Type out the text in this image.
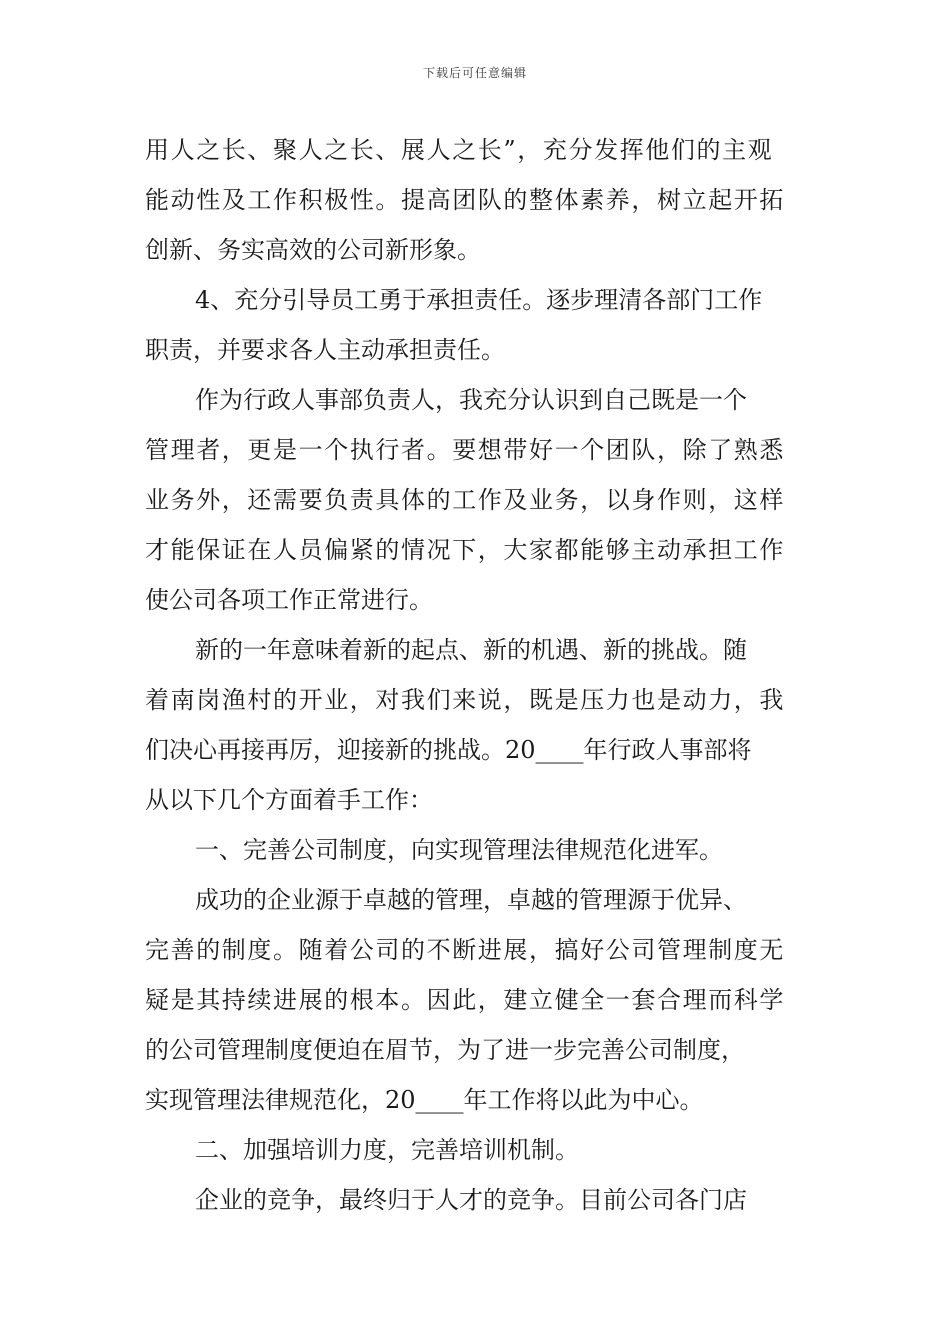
下载后可任意编辑
用人之长、聚人之长、展人之长”，充分发挥他们的主观
能动性及工作积极性。提高团队的整体素养，树立起开拓
创新、务实高效的公司新形象。
4、充分引导员工勇于承担责任。逐步理清各部门工作
职责，并要求各人主动承担责任。
作为行政人事部负责人，我充分认识到自己既是一个
管理者，更是一个执行者。要想带好一个团队，除了熟悉
业务外，还需要负责具体的工作及业务，以身作则，这样
才能保证在人员偏紧的情况下，大家都能够主动承担工作
使公司各项工作正常进行。
新的一年意味着新的起点、新的机遇、新的挑战。随
着南岗渔村的开业，对我们来说，既是压力也是动力，我
们决心再接再厉，迎接新的挑战。20____年行政人事部将
从以下几个方面着手工作：
一、完善公司制度，向实现管理法律规范化进军。
成功的企业源于卓越的管理，卓越的管理源于优异、
完善的制度。随着公司的不断进展，搞好公司管理制度无
疑是其持续进展的根本。因此，建立健全一套合理而科学
的公司管理制度便迫在眉节，为了进一步完善公司制度，
实现管理法律规范化，20____年工作将以此为中心。
二、加强培训力度，完善培训机制。
企业的竞争，最终归于人才的竞争。目前公司各门店
